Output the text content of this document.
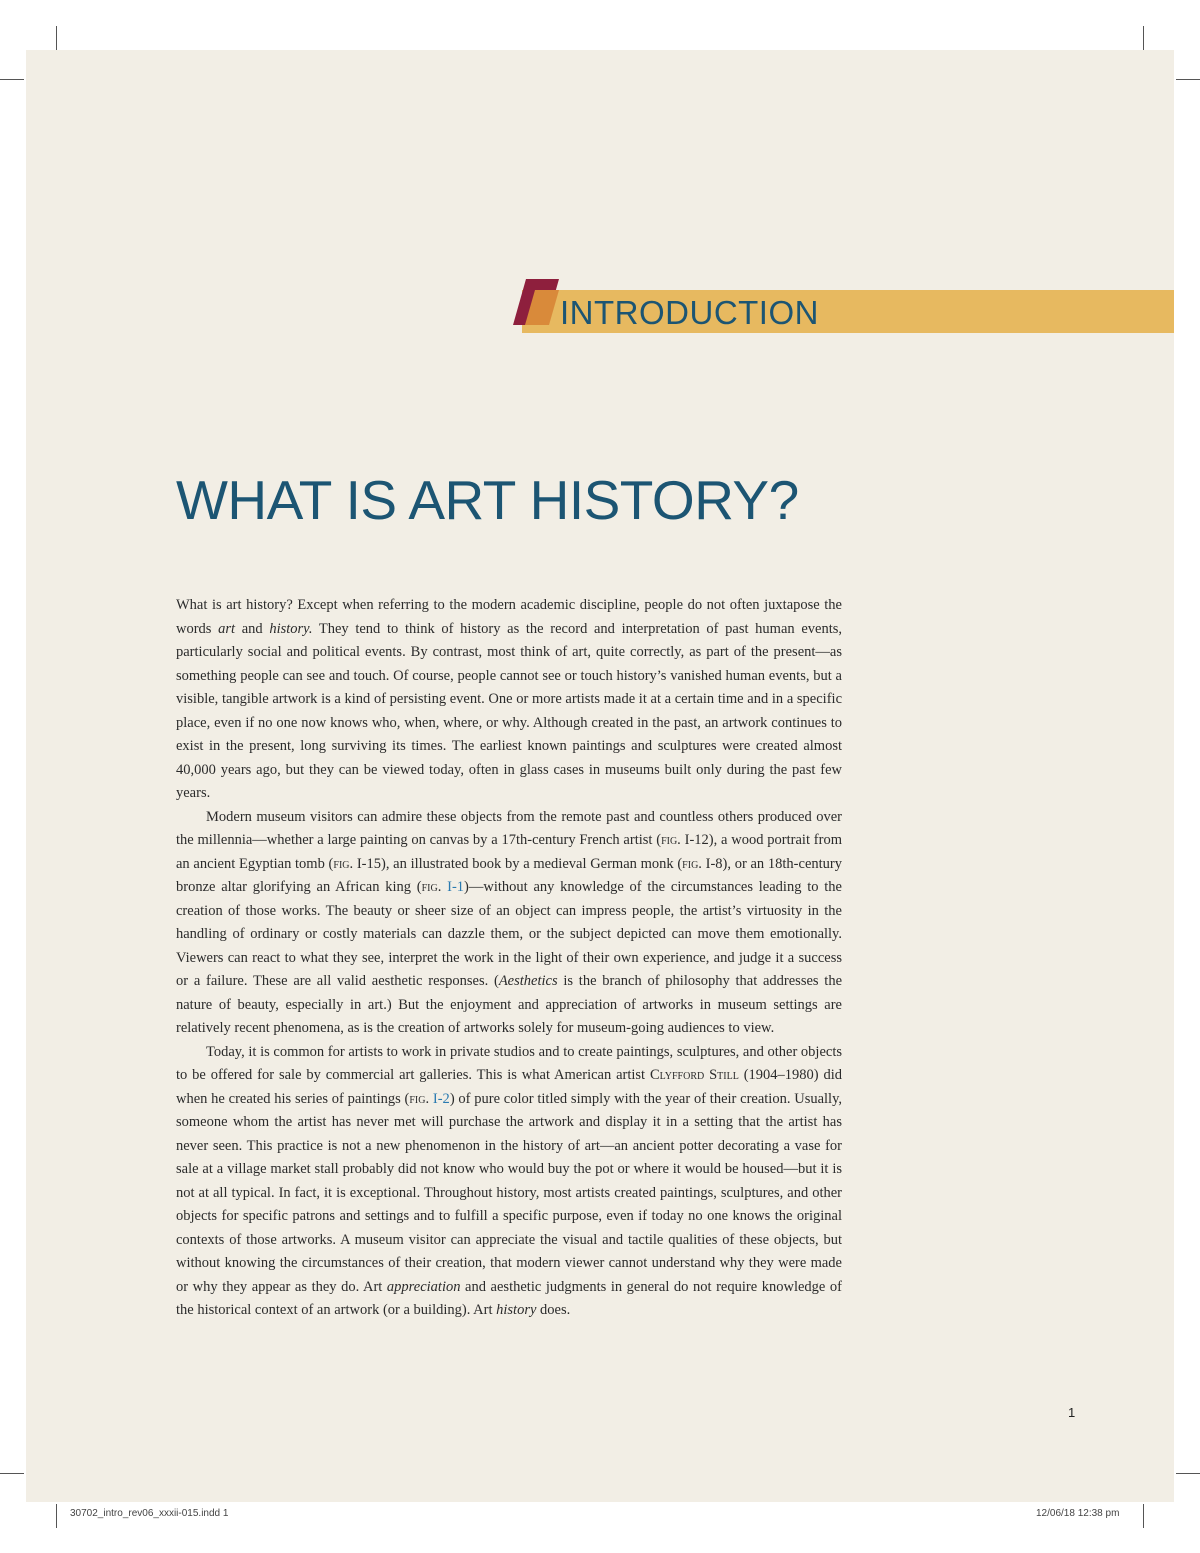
INTRODUCTION
WHAT IS ART HISTORY?

What is art history? Except when referring to the modern academic discipline, people do not often juxtapose the words art and history. They tend to think of history as the record and interpretation of past human events, particularly social and political events. By contrast, most think of art, quite correctly, as part of the present—as something people can see and touch. Of course, people cannot see or touch history’s vanished human events, but a visible, tangible artwork is a kind of persisting event. One or more artists made it at a certain time and in a specific place, even if no one now knows who, when, where, or why. Although created in the past, an artwork continues to exist in the present, long surviving its times. The earliest known paintings and sculptures were created almost 40,000 years ago, but they can be viewed today, often in glass cases in museums built only during the past few years.

Modern museum visitors can admire these objects from the remote past and countless others produced over the millennia—whether a large painting on canvas by a 17th-century French artist (fig. I-12), a wood portrait from an ancient Egyptian tomb (fig. I-15), an illustrated book by a medieval German monk (fig. I-8), or an 18th-century bronze altar glorifying an African king (fig. I-1)—without any knowledge of the circumstances leading to the creation of those works. The beauty or sheer size of an object can impress people, the artist’s virtuosity in the handling of ordinary or costly materials can dazzle them, or the subject depicted can move them emotionally. Viewers can react to what they see, interpret the work in the light of their own experience, and judge it a success or a failure. These are all valid aesthetic responses. (Aesthetics is the branch of philosophy that addresses the nature of beauty, especially in art.) But the enjoyment and appreciation of artworks in museum settings are relatively recent phenomena, as is the creation of artworks solely for museum-going audiences to view.

Today, it is common for artists to work in private studios and to create paintings, sculptures, and other objects to be offered for sale by commercial art galleries. This is what American artist Clyfford Still (1904–1980) did when he created his series of paintings (fig. I-2) of pure color titled simply with the year of their creation. Usually, someone whom the artist has never met will purchase the artwork and display it in a setting that the artist has never seen. This practice is not a new phenomenon in the history of art—an ancient potter decorating a vase for sale at a village market stall probably did not know who would buy the pot or where it would be housed—but it is not at all typical. In fact, it is exceptional. Throughout history, most artists created paintings, sculptures, and other objects for specific patrons and settings and to fulfill a specific purpose, even if today no one knows the original contexts of those artworks. A museum visitor can appreciate the visual and tactile qualities of these objects, but without knowing the circumstances of their creation, that modern viewer cannot understand why they were made or why they appear as they do. Art appreciation and aesthetic judgments in general do not require knowledge of the historical context of an artwork (or a building). Art history does.

1
30702_intro_rev06_xxxii-015.indd 1	12/06/18 12:38 pm
